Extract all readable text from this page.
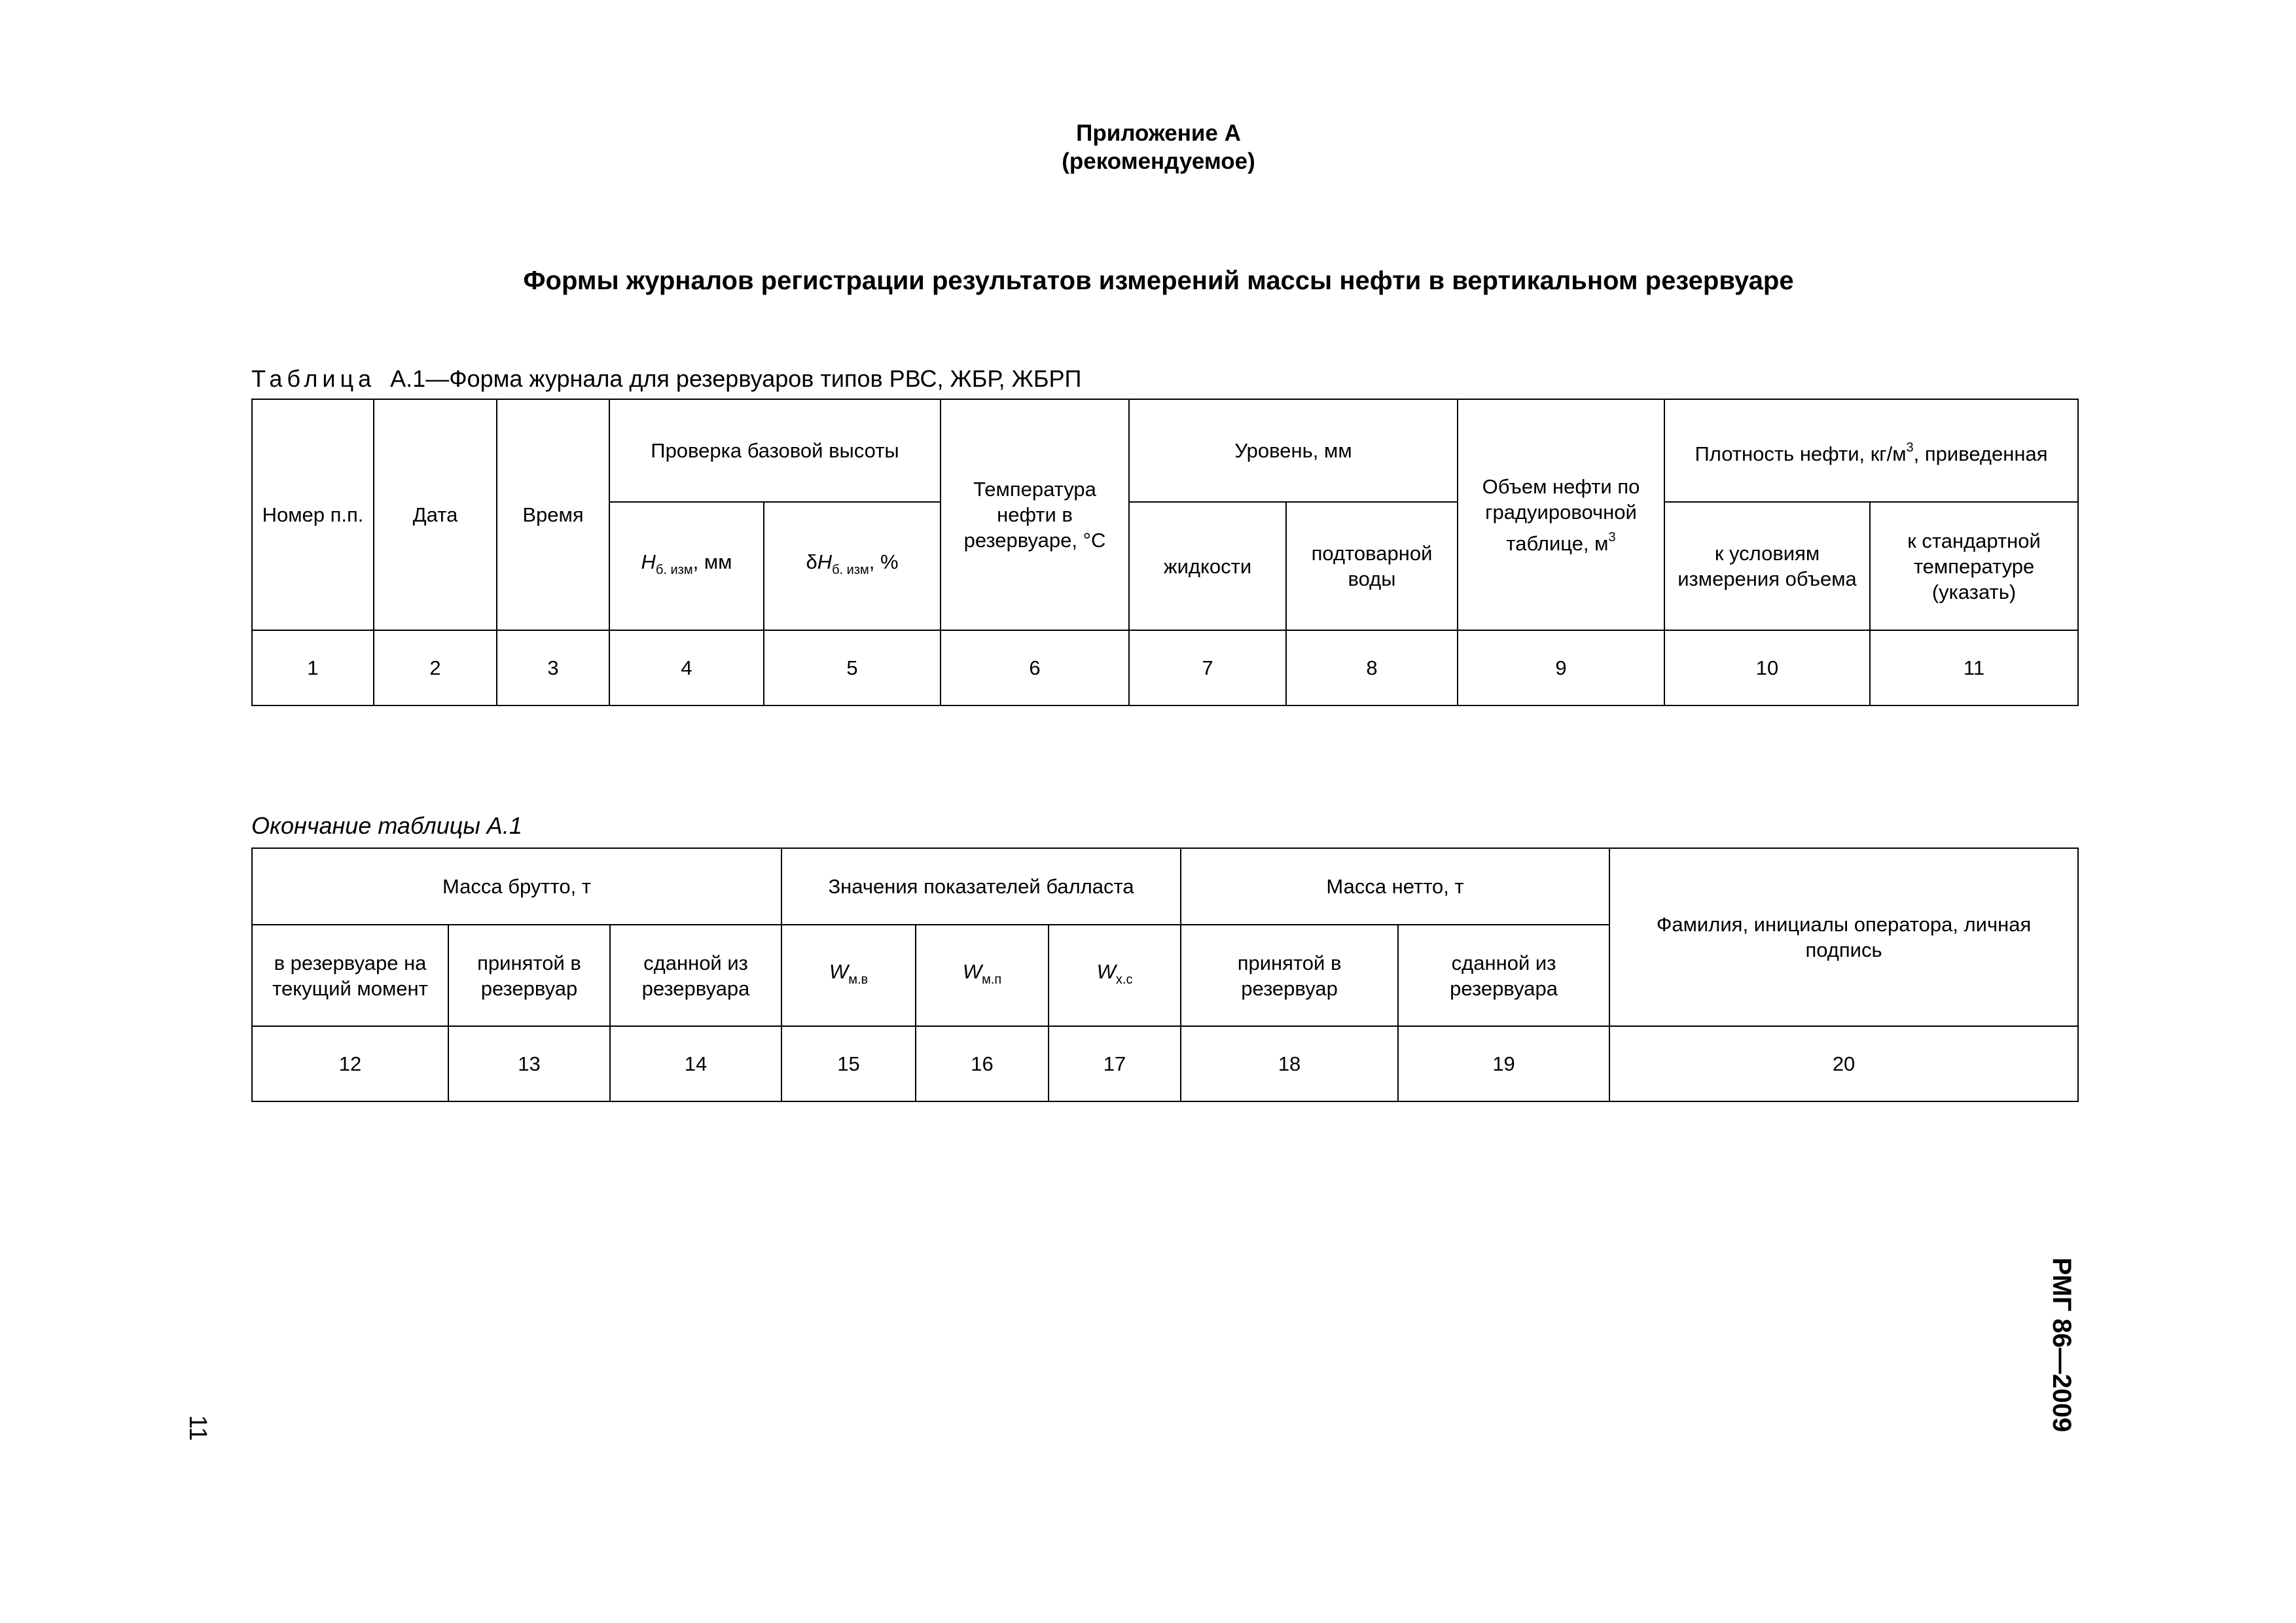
Приложение А
(рекомендуемое)
Формы журналов регистрации результатов измерений массы нефти в вертикальном резервуаре
Таблица А.1—Форма журнала для резервуаров типов РВС, ЖБР, ЖБРП
Номер п.п.	Дата	Время	Проверка базовой высоты		Температура нефти в резервуаре, °С	Уровень, мм		Объем нефти по градуировочной таблице, $м^3$	Плотность нефти, $кг/м^3$, приведенная	
			$H_{б. изм}$, мм	$\delta H_{б. изм}$, %		жидкости	подтоварной воды		к условиям измерения объема	к стандартной температуре (указать)
1	2	3	4	5	6	7	8	9	10	11
Окончание таблицы А.1
Масса брутто, т			Значения показателей балласта			Масса нетто, т		Фамилия, инициалы оператора, личная подпись
в резервуаре на текущий момент	принятой в резервуар	сданной из резервуара	$W_{м.в}$	$W_{м.п}$	$W_{х.с}$	принятой в резервуар	сданной из резервуара	
12	13	14	15	16	17	18	19	20
11	РМГ 86—2009
